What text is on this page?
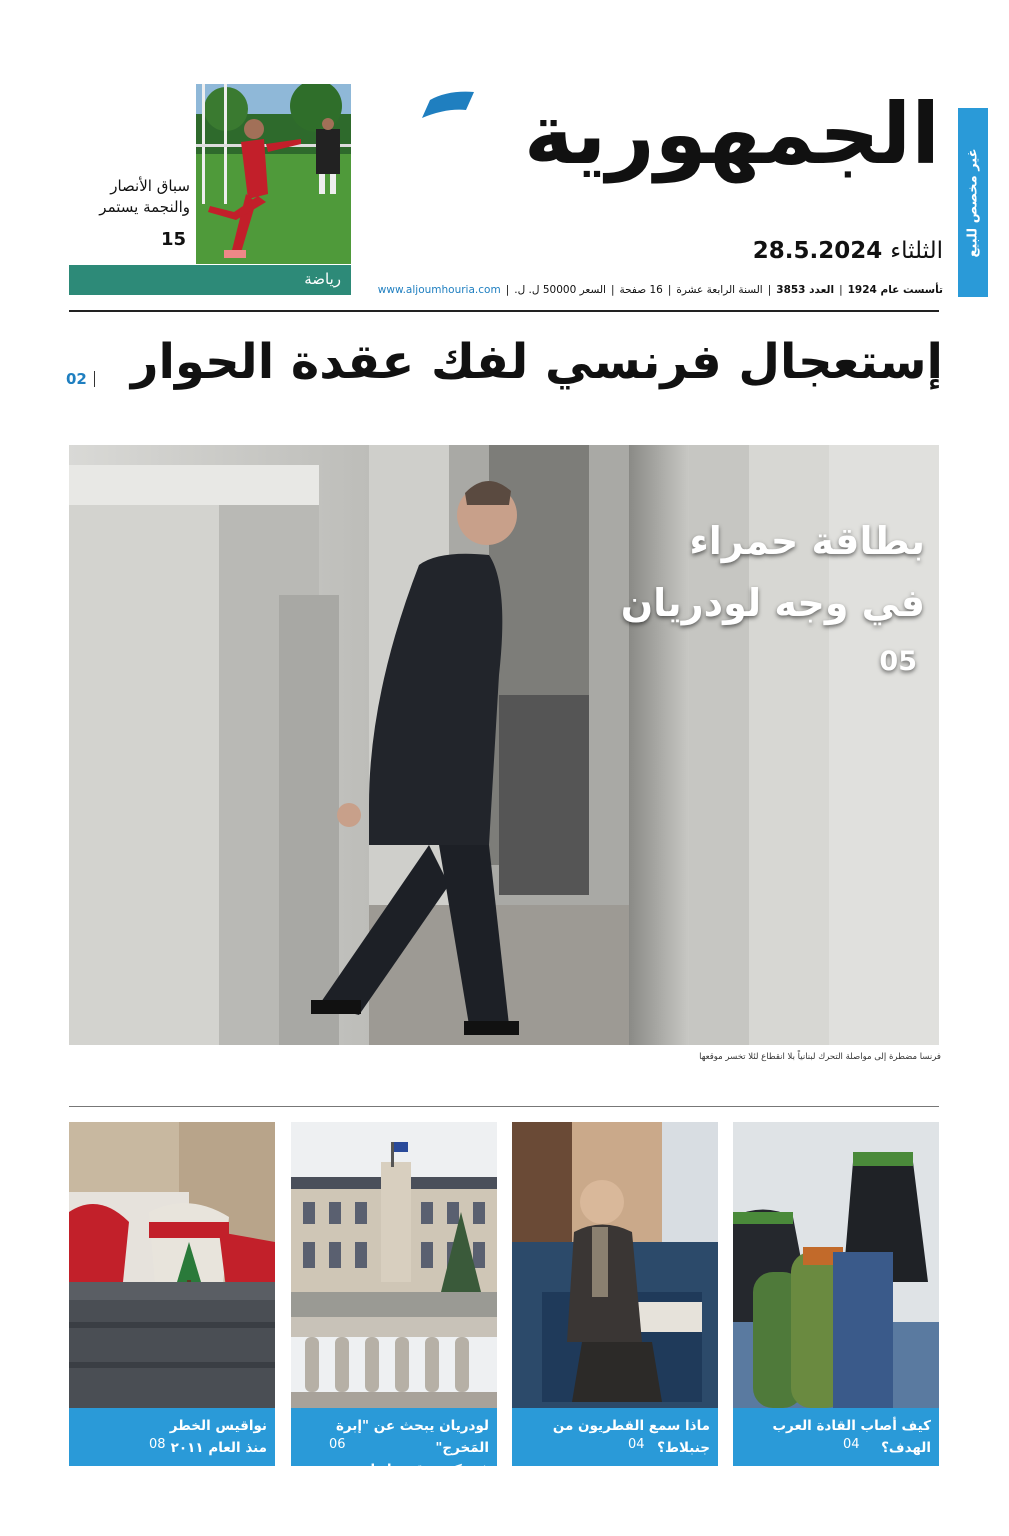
غير مخصص للبيع
الجمهورية
الثلثاء 28.5.2024
تأسست عام 1924|العدد 3853|السنة الرابعة عشرة|16 صفحة|السعر 50000 ل. ل.|www.aljoumhouria.com
سباق الأنصار
والنجمة يستمر
15
رياضة
إستعجال فرنسي لفك عقدة الحوار
02
بطاقة حمراء
في وجه لودريان
05
فرنسا مضطرة إلى مواصلة التحرك لبنانياً بلا انقطاع لئلا تخسر موقعها
كيف أصاب القادة العرب
الهدف؟
04
ماذا سمع القطريون من
جنبلاط؟
04
لودريان يبحث عن "إبرة المَخرج"
في كومة قش لبنانية
06
نواقيس الخطر
منذ العام ٢٠١١
08
